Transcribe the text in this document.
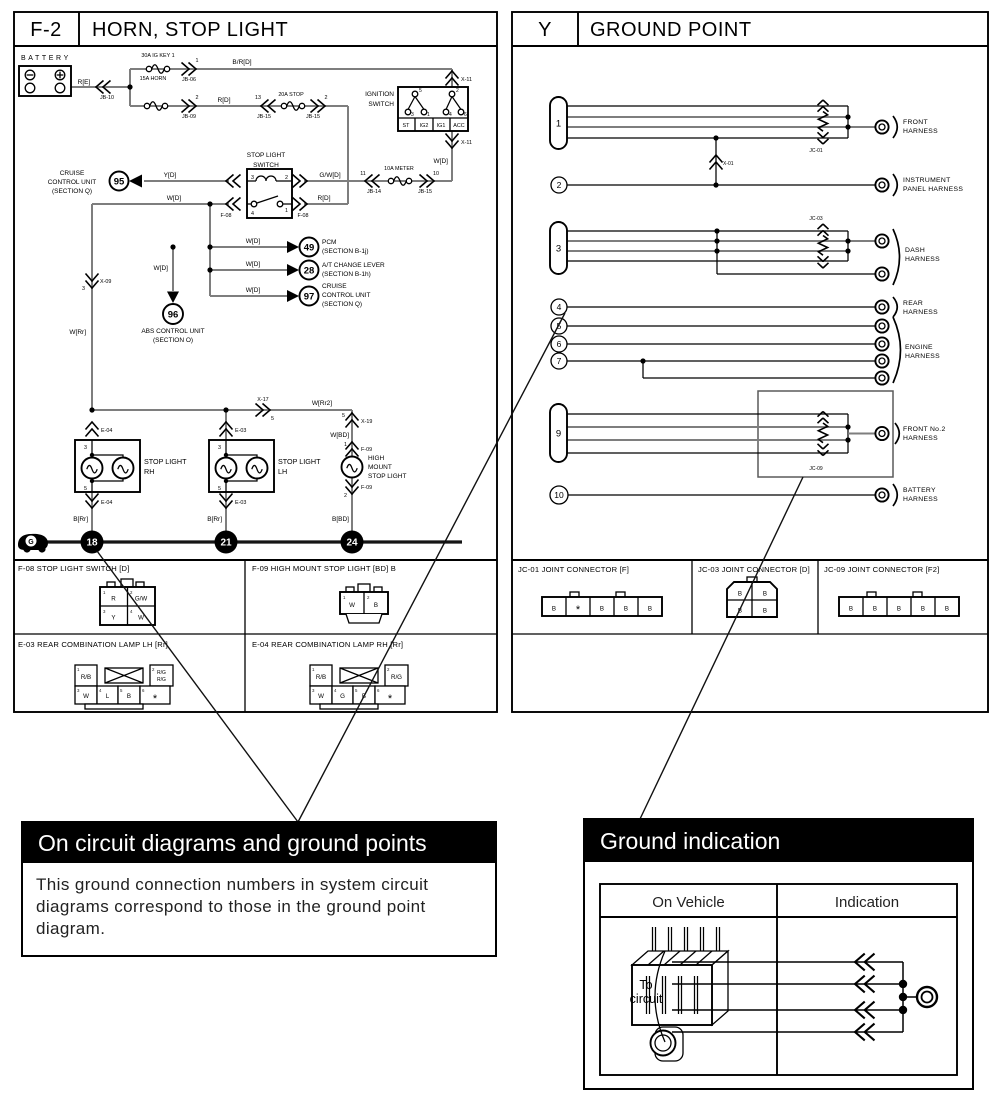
F-2 HORN, STOP LIGHT
BATTERY
R[E]
JB-10
30A IG KEY 1
15A HORN
1
JB-06
B/R[D]
X-11
2
JB-09
R[D]	13
JB-15
20A STOP	2
JB-15
IGNITION
SWITCH
5	2
3	1	4 6
ST IG2 IG1 ACC
X-11
W[D]
11
JB-14
10A METER
10
JB-15
STOP LIGHT
SWITCH
3	2
4	1
F-08	F-08
G/W[D]
R[D]
Y[D]
95
CRUISE
CONTROL UNIT
(SECTION Q)
W[D]
W[D]
49 PCM
(SECTION B-1j)
W[D]
28 A/T CHANGE LEVER
(SECTION B-1h)
W[D]
97
CRUISE
CONTROL UNIT
(SECTION Q)
W[D]
96
ABS CONTROL UNIT
(SECTION O)
3
X-09
W[Rr]
X-17
5
W[Rr2]
E-04
3
5
STOP LIGHT
RH
E-04
B[Rr]
E-03
3
5
STOP LIGHT
LH
E-03
B[Rr]
5
X-19
W[BD]
1
F-09
HIGH
MOUNT
STOP LIGHT
F-09
2
B[BD]
G	18	21	24
F-08 STOP LIGHT SWITCH [D]	F-09 HIGH MOUNT STOP LIGHT [BD] B
E-03 REAR COMBINATION LAMP LH [Rr]	E-04 REAR COMBINATION LAMP RH [Rr]
R	G/W
Y	W
1	2
3	4
W	B
1	2
R/B
R/G
R/G
W	L	B *
1	2
3	4	5	6
R/B	R/G
W	G	B *
1	2
3	4	5	6
Y GROUND POINT
1
JC-01
FRONT
HARNESS
X-01
2	INSTRUMENT
PANEL HARNESS
3
JC-03
DASH
HARNESS
4
5
6
7
REAR
HARNESS
ENGINE
HARNESS
9
JC-09
FRONT No.2
HARNESS
10	BATTERY
HARNESS
JC-01 JOINT CONNECTOR [F]	JC-03 JOINT CONNECTOR [D] JC-09 JOINT CONNECTOR [F2]
B *	B	B	B
B	B
B	B	B	B	B	B	B
On circuit diagrams and ground points
This ground connection numbers in system circuit
diagrams correspond to those in the ground point
diagram.
Ground indication
On Vehicle	Indication
To
circuit
